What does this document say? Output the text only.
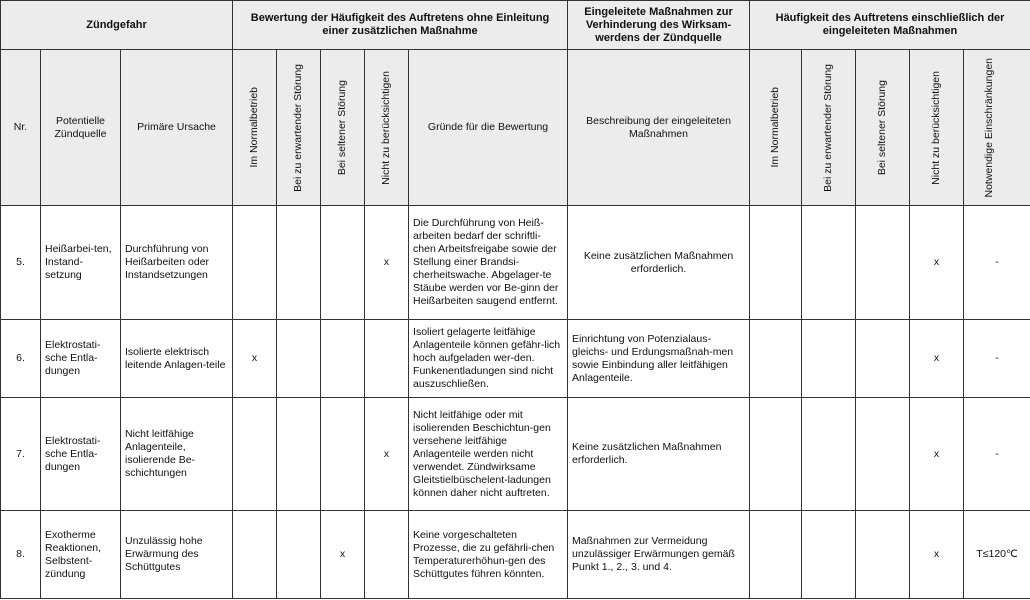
Zündgefahr			Bewertung der Häufigkeit des Auftretens ohne Einleitung einer zusätzlichen Maßnahme					Eingeleitete Maßnahmen zur Verhinderung des Wirksam-werdens der Zündquelle	Häufigkeit des Auftretens einschließlich der eingeleiteten Maßnahmen				
Nr.	Potentielle Zündquelle	Primäre Ursache	Im Normalbetrieb	Bei zu erwartender Störung	Bei seltener Störung	Nicht zu berücksichtigen	Gründe für die Bewertung	Beschreibung der eingeleiteten Maßnahmen	Im Normalbetrieb	Bei zu erwartender Störung	Bei seltener Störung	Nicht zu berücksichtigen	Notwendige Einschränkungen

5.	Heißarbei-ten, Instand-setzung	Durchführung von Heißarbeiten oder Instandsetzungen				x	Die Durchführung von Heiß-arbeiten bedarf der schriftli-chen Arbeitsfreigabe sowie der Stellung einer Brandsi-cherheitswache. Abgelager-te Stäube werden vor Be-ginn der Heißarbeiten saugend entfernt.	Keine zusätzlichen Maßnahmen erforderlich.				x	-
6.	Elektrostati-sche Entla-dungen	Isolierte elektrisch leitende Anlagen-teile	x				Isoliert gelagerte leitfähige Anlagenteile können gefähr-lich hoch aufgeladen wer-den. Funkenentladungen sind nicht auszuschließen.	Einrichtung von Potenzialaus-gleichs- und Erdungsmaßnah-men sowie Einbindung aller leitfähigen Anlagenteile.				x	-
7.	Elektrostati-sche Entla-dungen	Nicht leitfähige Anlagenteile, isolierende Be-schichtungen				x	Nicht leitfähige oder mit isolierenden Beschichtun-gen versehene leitfähige Anlagenteile werden nicht verwendet. Zündwirksame Gleitstielbüschelent-ladungen können daher nicht auftreten.	Keine zusätzlichen Maßnahmen erforderlich.				x	-
8.	Exotherme Reaktionen, Selbstent-zündung	Unzulässig hohe Erwärmung des Schüttgutes			x		Keine vorgeschalteten Prozesse, die zu gefährli-chen Temperaturerhöhun-gen des Schüttgutes führen könnten.	Maßnahmen zur Vermeidung unzulässiger Erwärmungen gemäß Punkt 1., 2., 3. und 4.				x	T≤120℃
